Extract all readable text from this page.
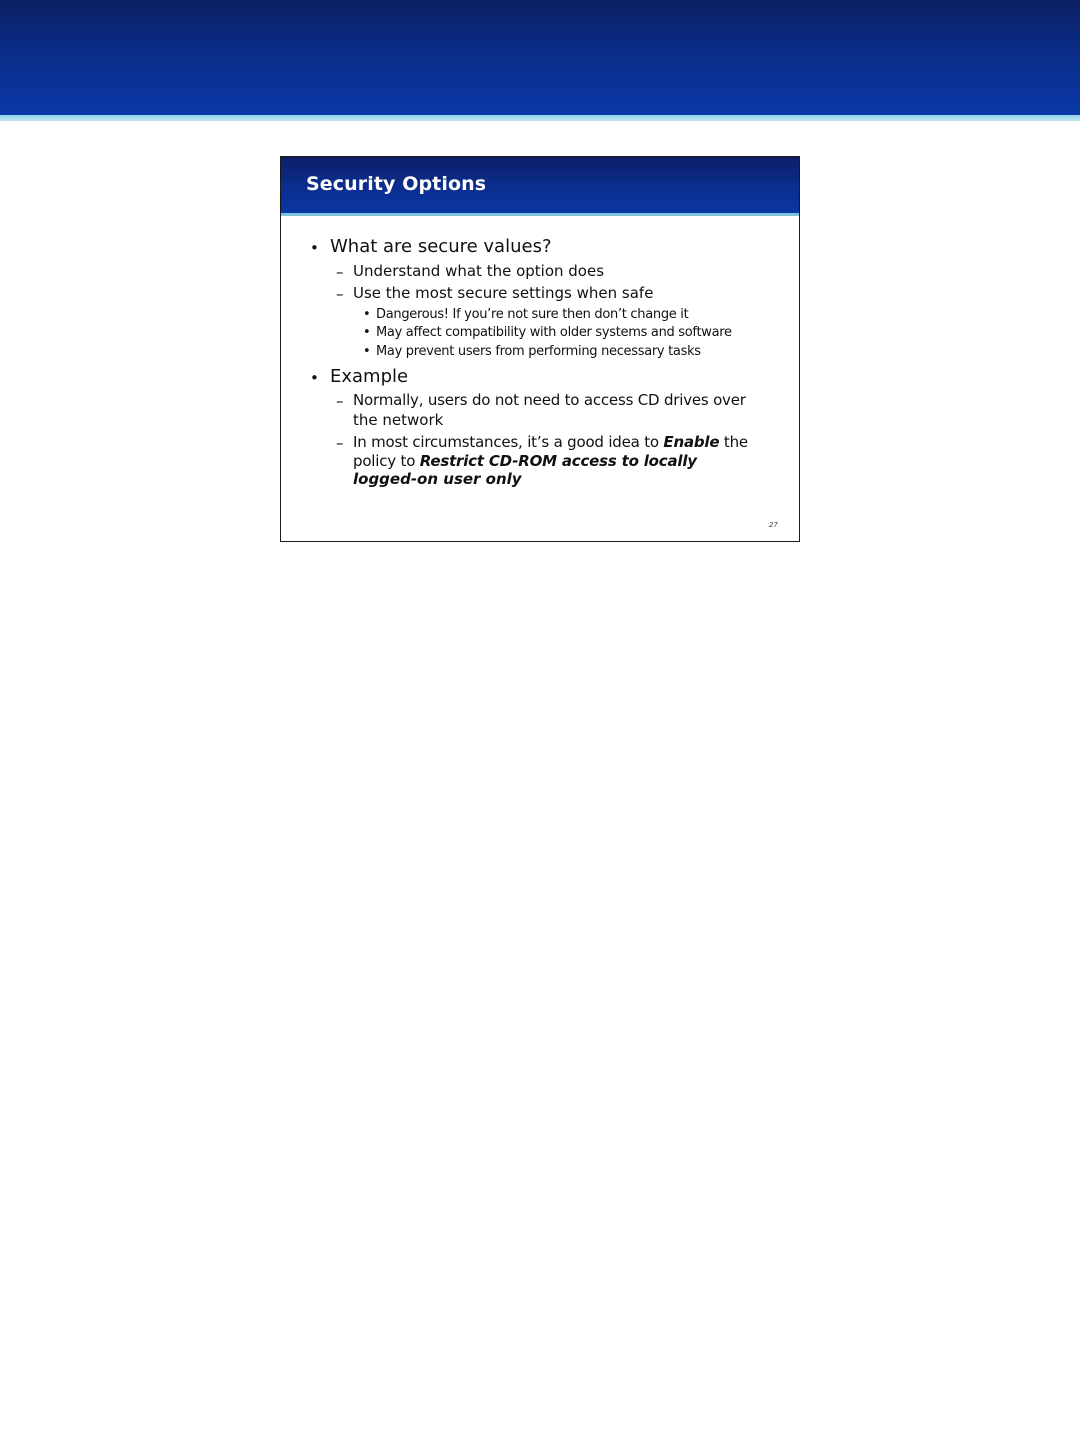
Security Options
• What are secure values?
– Understand what the option does
– Use the most secure settings when safe
• Dangerous! If you’re not sure then don’t change it
• May affect compatibility with older systems and software
• May prevent users from performing necessary tasks
• Example
– Normally, users do not need to access CD drives over
the network
– In most circumstances, it’s a good idea to Enable the
policy to Restrict CD-ROM access to locally
logged-on user only
27
